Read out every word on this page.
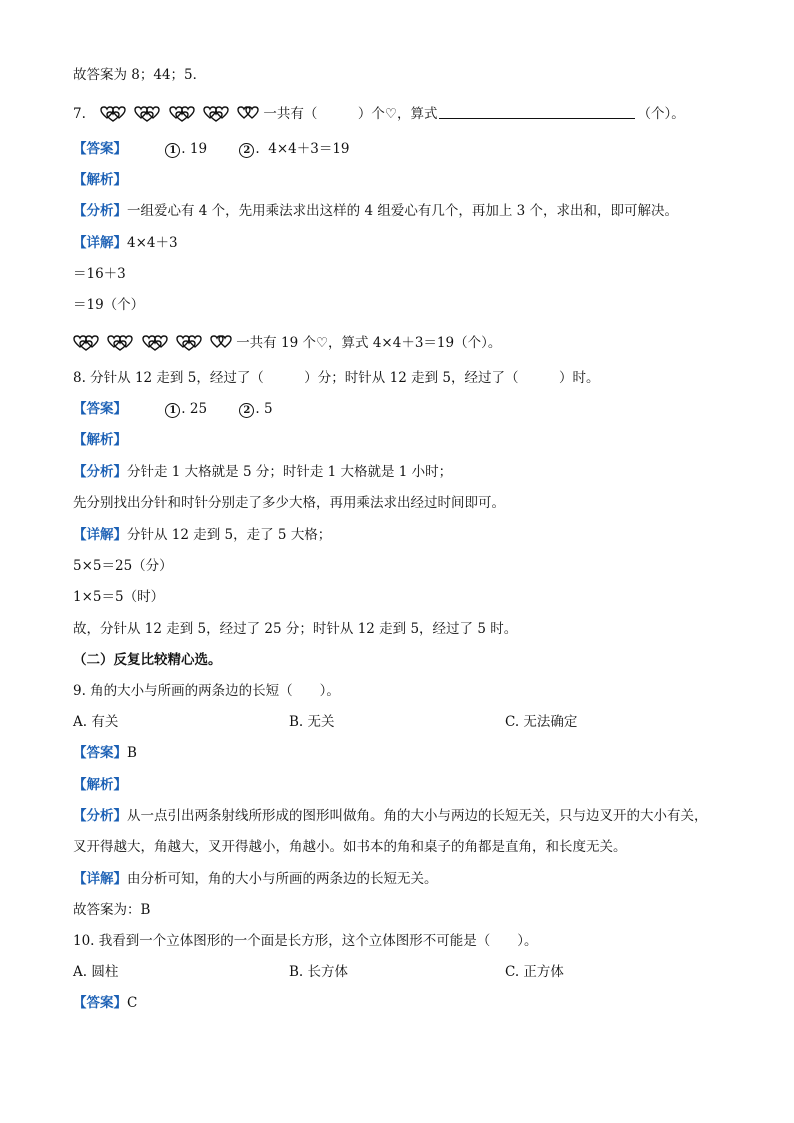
故答案为 8；44；5．
7.	一共有（　　　）个♡，算式	（个）。
【答案】	1 . 19	2 .  4×4＋3＝19
【解析】
【分析】一组爱心有 4 个，先用乘法求出这样的 4 组爱心有几个，再加上 3 个，求出和，即可解决。
【详解】4×4＋3
＝16＋3
＝19（个）
一共有 19 个♡，算式 4×4＋3＝19（个）。
8. 分针从 12 走到 5，经过了（　　　）分；时针从 12 走到 5，经过了（　　　）时。
【答案】	1 . 25	2 . 5
【解析】
【分析】分针走 1 大格就是 5 分；时针走 1 大格就是 1 小时；
先分别找出分针和时针分别走了多少大格，再用乘法求出经过时间即可。
【详解】分针从 12 走到 5，走了 5 大格；
5×5＝25（分）
1×5＝5（时）
故，分针从 12 走到 5，经过了 25 分；时针从 12 走到 5，经过了 5 时。
（二）反复比较精心选。
9. 角的大小与所画的两条边的长短（　　）。
A. 有关	B. 无关	C. 无法确定
【答案】B
【解析】
【分析】从一点引出两条射线所形成的图形叫做角。角的大小与两边的长短无关，只与边叉开的大小有关，
叉开得越大，角越大，叉开得越小，角越小。如书本的角和桌子的角都是直角，和长度无关。
【详解】由分析可知，角的大小与所画的两条边的长短无关。
故答案为：B
10. 我看到一个立体图形的一个面是长方形，这个立体图形不可能是（　　）。
A. 圆柱	B. 长方体	C. 正方体
【答案】C
